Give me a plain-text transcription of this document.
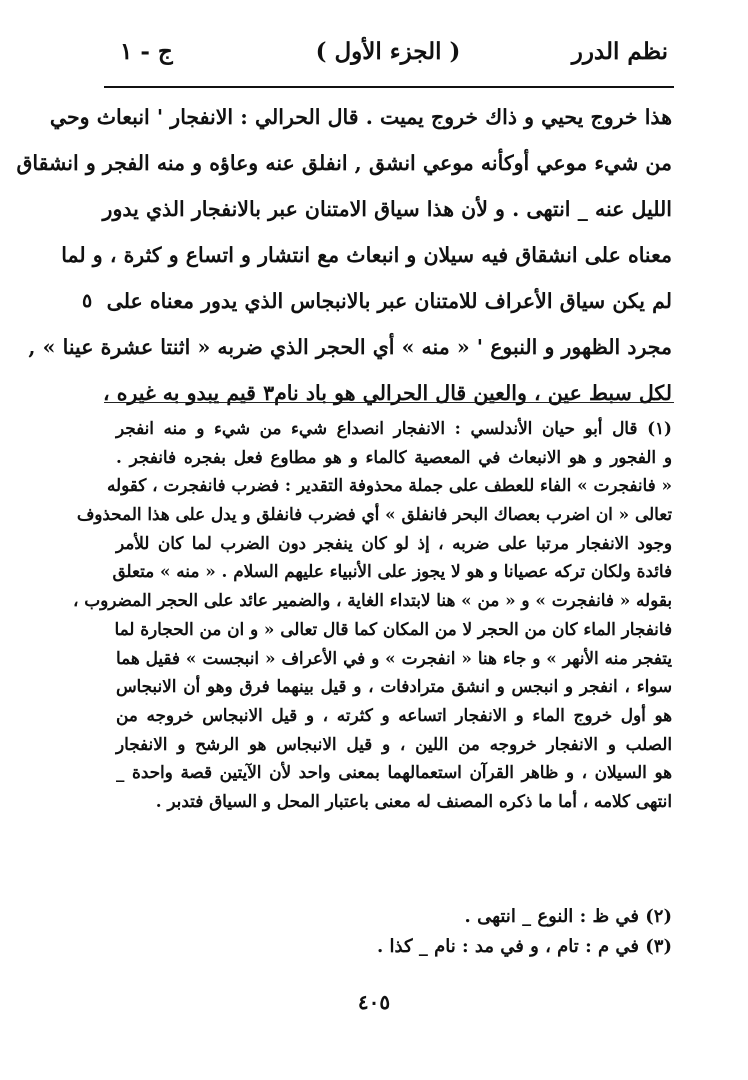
نظم الدرر
( الجزء الأول )
ج - ١
هذا خروج يحيي و ذاك خروج يميت . قال الحرالي : الانفجار ' انبعاث وحي
من شيء موعي أوكأنه موعي انشق , انفلق عنه وعاؤه و منه الفجر و انشقاق
الليل عنه _ انتهى . و لأن هذا سياق الامتنان عبر بالانفجار الذي يدور
معناه على انشقاق فيه سيلان و انبعاث مع انتشار و اتساع و كثرة ، و لما
لم يكن سياق الأعراف للامتنان عبر بالانبجاس الذي يدور معناه على
٥
مجرد الظهور و النبوع ' « منه » أي الحجر الذي ضربه « اثنتا عشرة عينا » ,
لكل سبط عين ، والعين قال الحرالي هو باد نام٣ قيم يبدو به غيره ،
(١) قال أبو حيان الأندلسي : الانفجار انصداع شيء من شيء و منه انفجر
و الفجور و هو الانبعاث في المعصية كالماء و هو مطاوع فعل بفجره فانفجر .
« فانفجرت » الفاء للعطف على جملة محذوفة التقدير : فضرب فانفجرت ، كقوله
تعالى « ان اضرب بعصاك البحر فانفلق » أي فضرب فانفلق و يدل على هذا المحذوف
وجود الانفجار مرتبا على ضربه ، إذ لو كان ينفجر دون الضرب لما كان للأمر
فائدة ولكان تركه عصيانا و هو لا يجوز على الأنبياء عليهم السلام . « منه » متعلق
بقوله « فانفجرت » و « من » هنا لابتداء الغاية ، والضمير عائد على الحجر المضروب ،
فانفجار الماء كان من الحجر لا من المكان كما قال تعالى « و ان من الحجارة لما
يتفجر منه الأنهر » و جاء هنا « انفجرت » و في الأعراف « انبجست » فقيل هما
سواء ، انفجر و انبجس و انشق مترادفات ، و قيل بينهما فرق وهو أن الانبجاس
هو أول خروج الماء و الانفجار اتساعه و كثرته ، و قيل الانبجاس خروجه من
الصلب و الانفجار خروجه من اللين ، و قيل الانبجاس هو الرشح و الانفجار
هو السيلان ، و ظاهر القرآن استعمالهما بمعنى واحد لأن الآيتين قصة واحدة _
انتهى كلامه ، أما ما ذكره المصنف له معنى باعتبار المحل و السياق فتدبر .
(٢) في ظ : النوع _ انتهى .
(٣) في م : تام ، و في مد : نام _ كذا .
٤٠٥
